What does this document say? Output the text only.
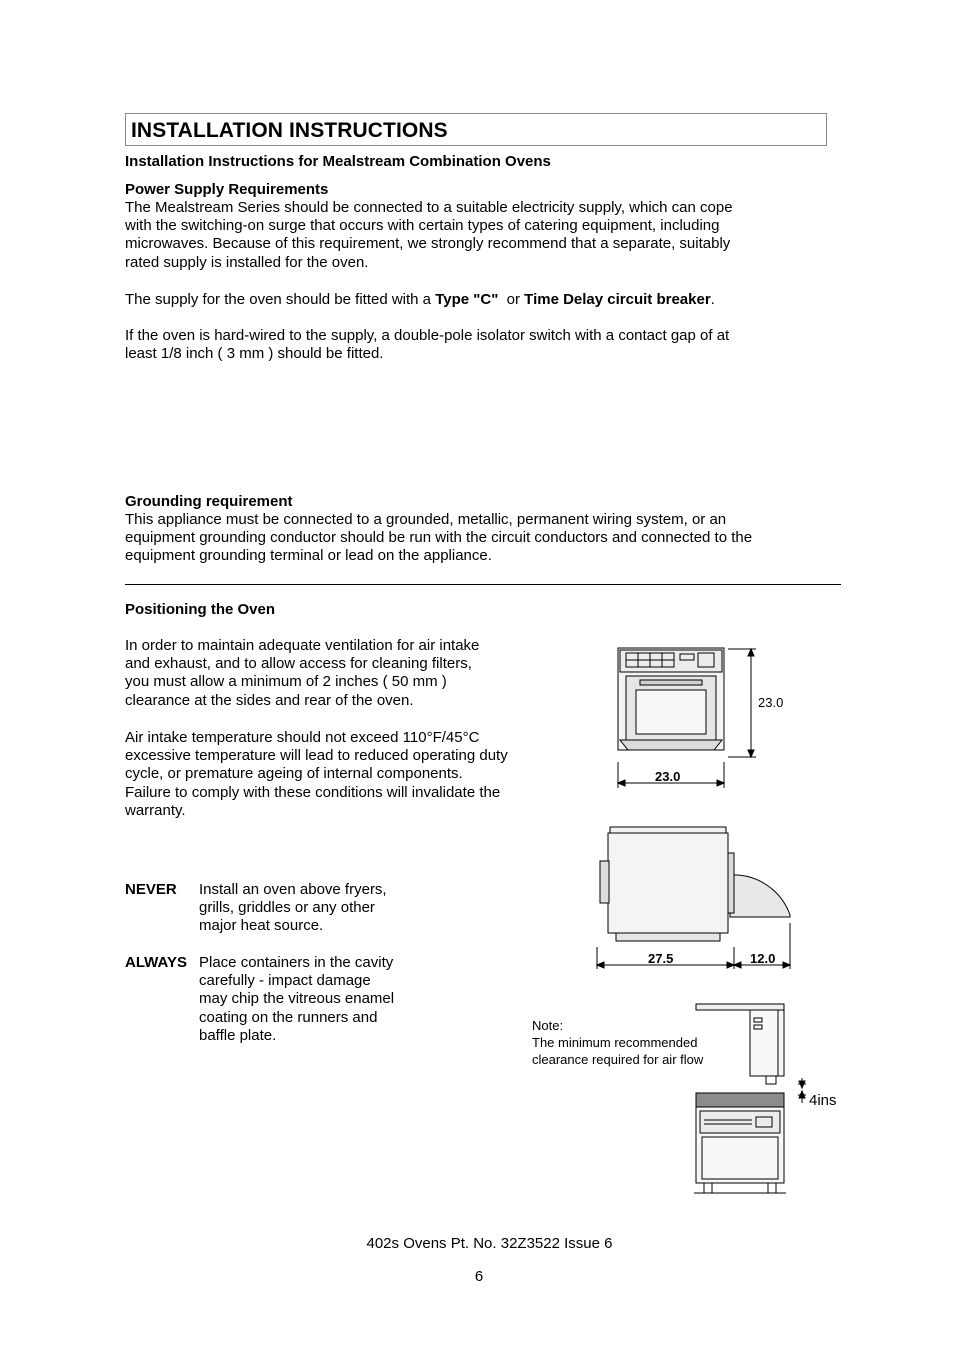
INSTALLATION INSTRUCTIONS
Installation Instructions for Mealstream Combination Ovens
Power Supply Requirements
The Mealstream Series should be connected to a suitable electricity supply, which can cope
with the switching-on surge that occurs with certain types of catering equipment, including
microwaves. Because of this requirement, we strongly recommend that a separate, suitably
rated supply is installed for the oven.
The supply for the oven should be fitted with a Type "C"  or Time Delay circuit breaker.
If the oven is hard-wired to the supply, a double-pole isolator switch with a contact gap of at
least 1/8 inch ( 3 mm ) should be fitted.
Grounding requirement
This appliance must be connected to a grounded, metallic, permanent wiring system, or an
equipment grounding conductor should be run with the circuit conductors and connected to the
equipment grounding terminal or lead on the appliance.
Positioning the Oven
In order to maintain adequate ventilation for air intake
and exhaust, and to allow access for cleaning filters,
you must allow a minimum of 2 inches ( 50 mm )
clearance at the sides and rear of the oven.
Air intake temperature should not exceed 110°F/45°C
excessive temperature will lead to reduced operating duty
cycle, or premature ageing of internal components.
Failure to comply with these conditions will invalidate the
warranty.
NEVER Install an oven above fryers,
grills, griddles or any other
major heat source.
ALWAYS Place containers in the cavity
carefully - impact damage
may chip the vitreous enamel
coating on the runners and
baffle plate.
23.0
23.0
27.5	12.0
Note:
The minimum recommended
clearance required for air flow
4ins
402s Ovens Pt. No. 32Z3522 Issue 6
6
